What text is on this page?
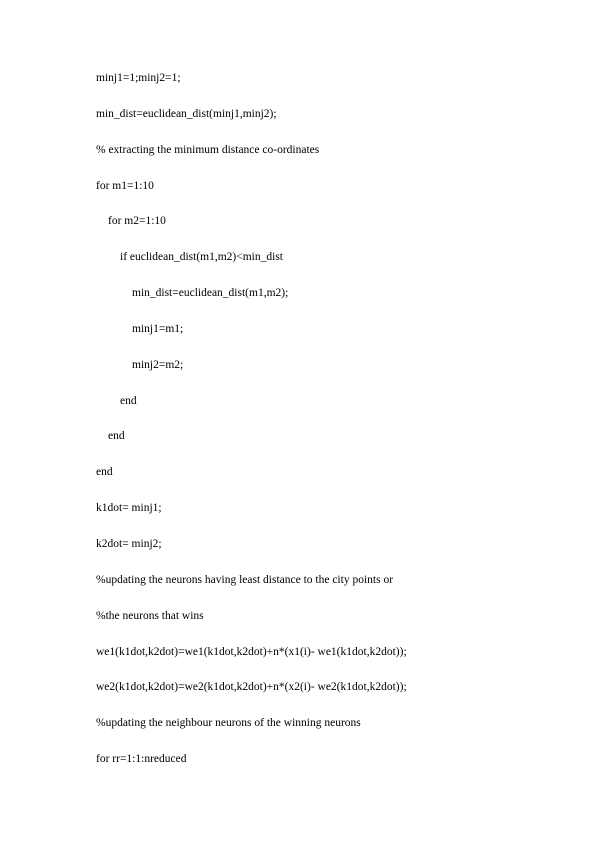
minj1=1;minj2=1;
min_dist=euclidean_dist(minj1,minj2);
% extracting the minimum distance co-ordinates
for m1=1:10
for m2=1:10
if euclidean_dist(m1,m2)<min_dist
min_dist=euclidean_dist(m1,m2);
minj1=m1;
minj2=m2;
end
end
end
k1dot= minj1;
k2dot= minj2;
%updating the neurons having least distance to the city points or
%the neurons that wins
we1(k1dot,k2dot)=we1(k1dot,k2dot)+n*(x1(i)- we1(k1dot,k2dot));
we2(k1dot,k2dot)=we2(k1dot,k2dot)+n*(x2(i)- we2(k1dot,k2dot));
%updating the neighbour neurons of the winning neurons
for rr=1:1:nreduced
